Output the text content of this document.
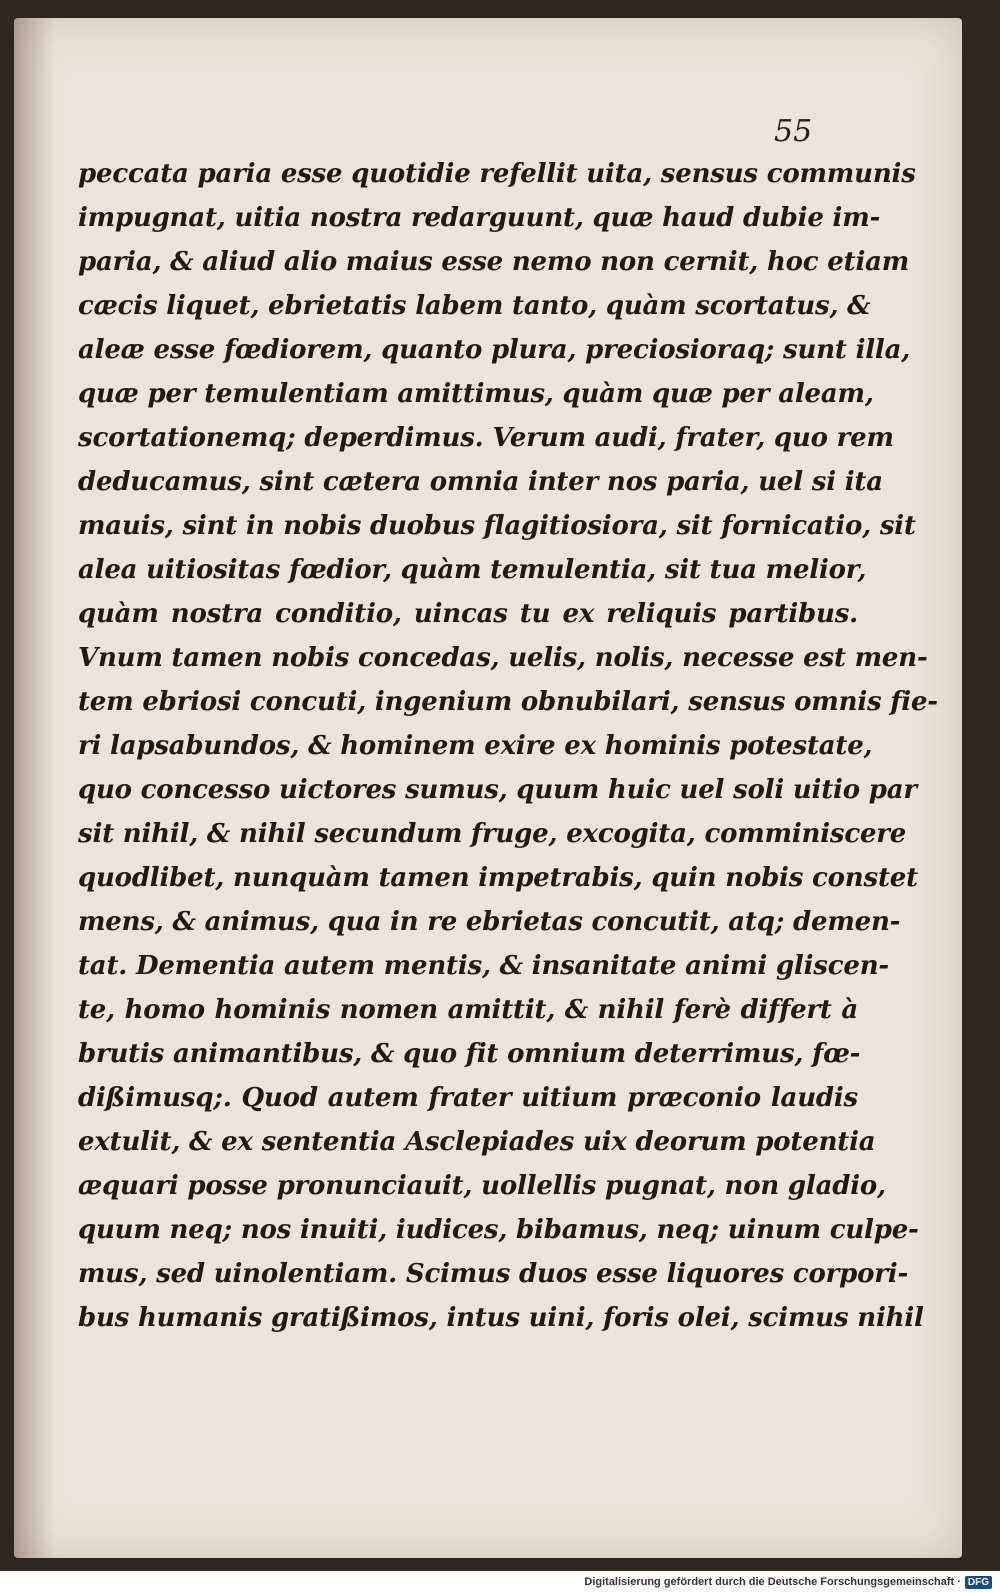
55
peccata paria esse quotidie refellit uita, sensus communis
impugnat, uitia nostra redarguunt, quæ haud dubie im-
paria, & aliud alio maius esse nemo non cernit, hoc etiam
cæcis liquet, ebrietatis labem tanto, quàm scortatus, &
aleæ esse fœdiorem, quanto plura, preciosioraq; sunt illa,
quæ per temulentiam amittimus, quàm quæ per aleam,
scortationemq; deperdimus. Verum audi, frater, quo rem
deducamus, sint cætera omnia inter nos paria, uel si ita
mauis, sint in nobis duobus flagitiosiora, sit fornicatio, sit
alea uitiositas fœdior, quàm temulentia, sit tua melior,
quàm nostra conditio, uincas tu ex reliquis partibus.
Vnum tamen nobis concedas, uelis, nolis, necesse est men-
tem ebriosi concuti, ingenium obnubilari, sensus omnis fie-
ri lapsabundos, & hominem exire ex hominis potestate,
quo concesso uictores sumus, quum huic uel soli uitio par
sit nihil, & nihil secundum fruge, excogita, comminiscere
quodlibet, nunquàm tamen impetrabis, quin nobis constet
mens, & animus, qua in re ebrietas concutit, atq; demen-
tat. Dementia autem mentis, & insanitate animi gliscen-
te, homo hominis nomen amittit, & nihil ferè differt à
brutis animantibus, & quo fit omnium deterrimus, fœ-
dißimusq;. Quod autem frater uitium præconio laudis
extulit, & ex sententia Asclepiades uix deorum potentia
æquari posse pronunciauit, uollellis pugnat, non gladio,
quum neq; nos inuiti, iudices, bibamus, neq; uinum culpe-
mus, sed uinolentiam. Scimus duos esse liquores corpori-
bus humanis gratißimos, intus uini, foris olei, scimus nihil
Digitalisierung gefördert durch die Deutsche Forschungsgemeinschaft · DFG
